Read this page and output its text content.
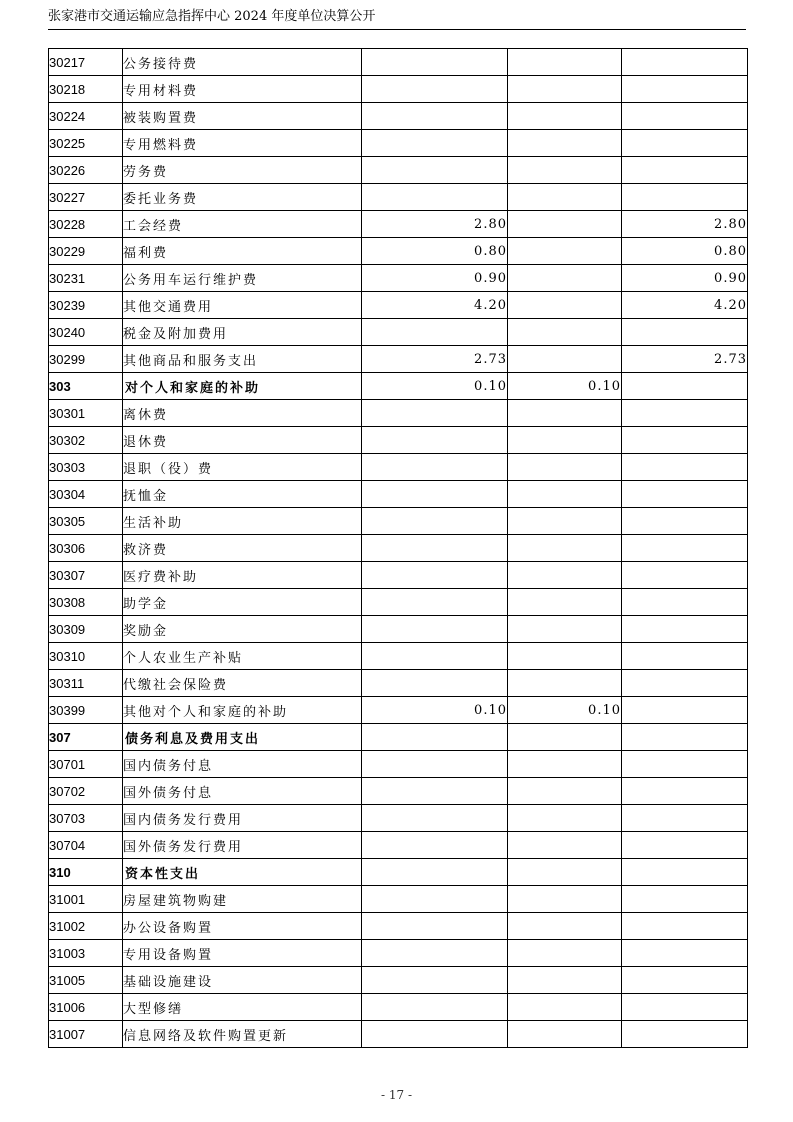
张家港市交通运输应急指挥中心 2024 年度单位决算公开
30217	公务接待费			
30218	专用材料费			
30224	被装购置费			
30225	专用燃料费			
30226	劳务费			
30227	委托业务费			
30228	工会经费	2.80		2.80
30229	福利费	0.80		0.80
30231	公务用车运行维护费	0.90		0.90
30239	其他交通费用	4.20		4.20
30240	税金及附加费用			
30299	其他商品和服务支出	2.73		2.73
303	对个人和家庭的补助	0.10	0.10	
30301	离休费			
30302	退休费			
30303	退职（役）费			
30304	抚恤金			
30305	生活补助			
30306	救济费			
30307	医疗费补助			
30308	助学金			
30309	奖励金			
30310	个人农业生产补贴			
30311	代缴社会保险费			
30399	其他对个人和家庭的补助	0.10	0.10	
307	债务利息及费用支出			
30701	国内债务付息			
30702	国外债务付息			
30703	国内债务发行费用			
30704	国外债务发行费用			
310	资本性支出			
31001	房屋建筑物购建			
31002	办公设备购置			
31003	专用设备购置			
31005	基础设施建设			
31006	大型修缮			
31007	信息网络及软件购置更新			
- 17 -
